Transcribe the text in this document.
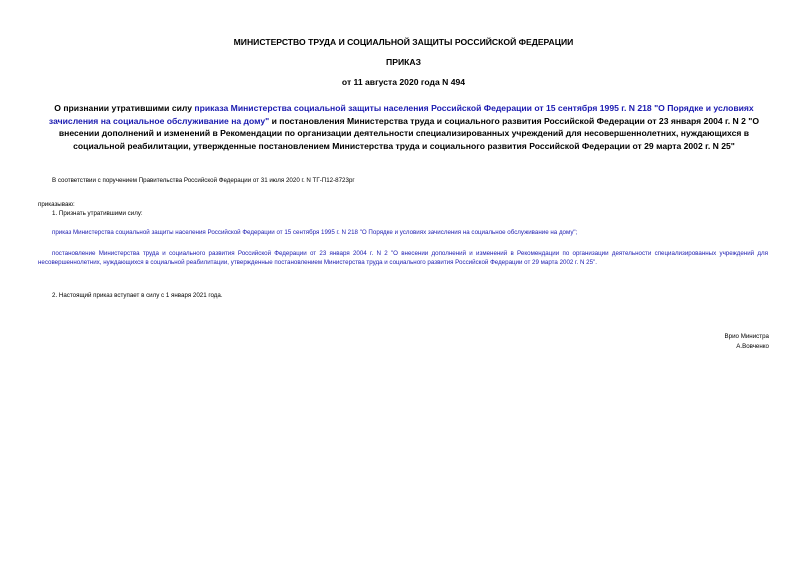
МИНИСТЕРСТВО ТРУДА И СОЦИАЛЬНОЙ ЗАЩИТЫ РОССИЙСКОЙ ФЕДЕРАЦИИ
ПРИКАЗ
от 11 августа 2020 года N 494
О признании утратившими силу приказа Министерства социальной защиты населения Российской Федерации от 15 сентября 1995 г. N 218 "О Порядке и условиях зачисления на социальное обслуживание на дому" и постановления Министерства труда и социального развития Российской Федерации от 23 января 2004 г. N 2 "О внесении дополнений и изменений в Рекомендации по организации деятельности специализированных учреждений для несовершеннолетних, нуждающихся в социальной реабилитации, утвержденные постановлением Министерства труда и социального развития Российской Федерации от 29 марта 2002 г. N 25"
В соответствии с поручением Правительства Российской Федерации от 31 июля 2020 г. N ТГ-П12-8723рг
приказываю:
1. Признать утратившими силу:
приказ Министерства социальной защиты населения Российской Федерации от 15 сентября 1995 г. N 218 "О Порядке и условиях зачисления на социальное обслуживание на дому";
постановление Министерства труда и социального развития Российской Федерации от 23 января 2004 г. N 2 "О внесении дополнений и изменений в Рекомендации по организации деятельности специализированных учреждений для несовершеннолетних, нуждающихся в социальной реабилитации, утвержденные постановлением Министерства труда и социального развития Российской Федерации от 29 марта 2002 г. N 25".
2. Настоящий приказ вступает в силу с 1 января 2021 года.
Врио Министра
А.Вовченко
